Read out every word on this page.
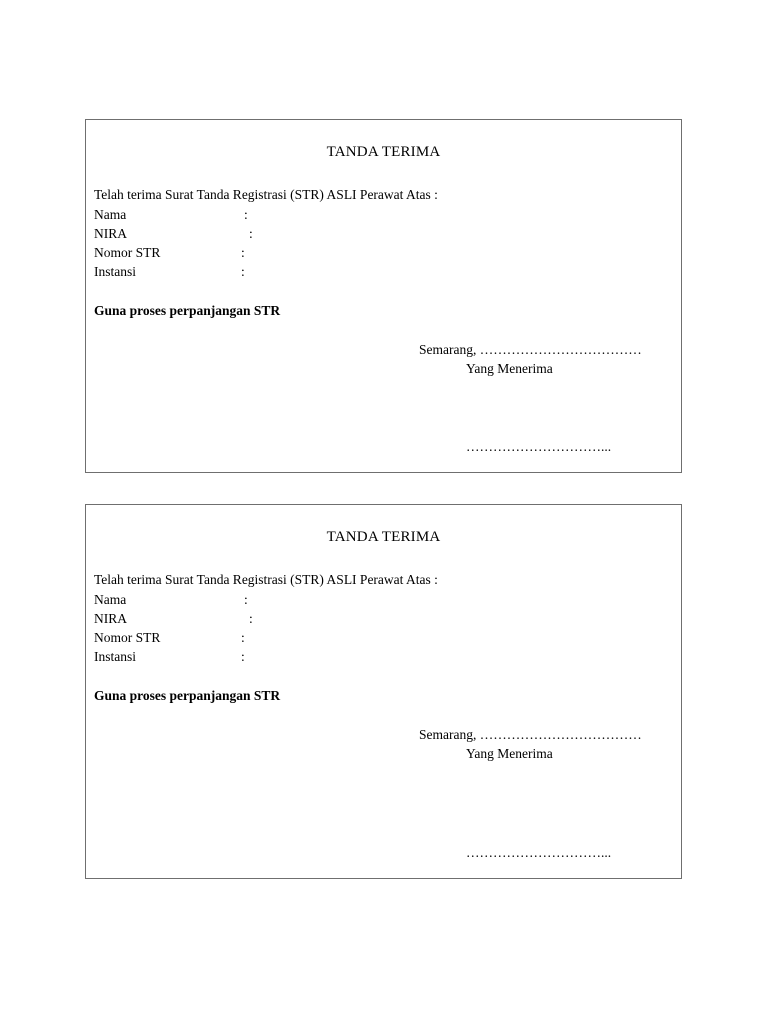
TANDA TERIMA
Telah terima Surat Tanda Registrasi (STR) ASLI Perawat Atas :
Nama	:
NIRA	:
Nomor STR	:
Instansi	:
Guna proses perpanjangan STR
Semarang, ………………………………
Yang Menerima
…………………………...
TANDA TERIMA
Telah terima Surat Tanda Registrasi (STR) ASLI Perawat Atas :
Nama	:
NIRA	:
Nomor STR	:
Instansi	:
Guna proses perpanjangan STR
Semarang, ………………………………
Yang Menerima
…………………………...
